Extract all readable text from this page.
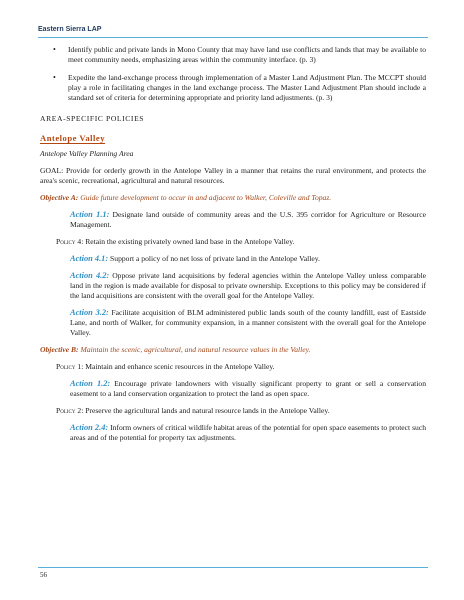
Eastern Sierra LAP
• Identify public and private lands in Mono County that may have land use conflicts and lands that may be available to meet community needs, emphasizing areas within the community interface. (p. 3)
• Expedite the land-exchange process through implementation of a Master Land Adjustment Plan. The MCCPT should play a role in facilitating changes in the land exchange process. The Master Land Adjustment Plan should include a standard set of criteria for determining appropriate and priority land adjustments. (p. 3)
AREA-SPECIFIC POLICIES
Antelope Valley
Antelope Valley Planning Area
GOAL: Provide for orderly growth in the Antelope Valley in a manner that retains the rural environment, and protects the area's scenic, recreational, agricultural and natural resources.
Objective A: Guide future development to occur in and adjacent to Walker, Coleville and Topaz.
Action 1.1: Designate land outside of community areas and the U.S. 395 corridor for Agriculture or Resource Management.
Policy 4: Retain the existing privately owned land base in the Antelope Valley.
Action 4.1: Support a policy of no net loss of private land in the Antelope Valley.
Action 4.2: Oppose private land acquisitions by federal agencies within the Antelope Valley unless comparable land in the region is made available for disposal to private ownership. Exceptions to this policy may be considered if the land acquisitions are consistent with the overall goal for the Antelope Valley.
Action 3.2: Facilitate acquisition of BLM administered public lands south of the county landfill, east of Eastside Lane, and north of Walker, for community expansion, in a manner consistent with the overall goal for the Antelope Valley.
Objective B: Maintain the scenic, agricultural, and natural resource values in the Valley.
Policy 1: Maintain and enhance scenic resources in the Antelope Valley.
Action 1.2: Encourage private landowners with visually significant property to grant or sell a conservation easement to a land conservation organization to protect the land as open space.
Policy 2: Preserve the agricultural lands and natural resource lands in the Antelope Valley.
Action 2.4: Inform owners of critical wildlife habitat areas of the potential for open space easements to protect such areas and of the potential for property tax adjustments.
56
